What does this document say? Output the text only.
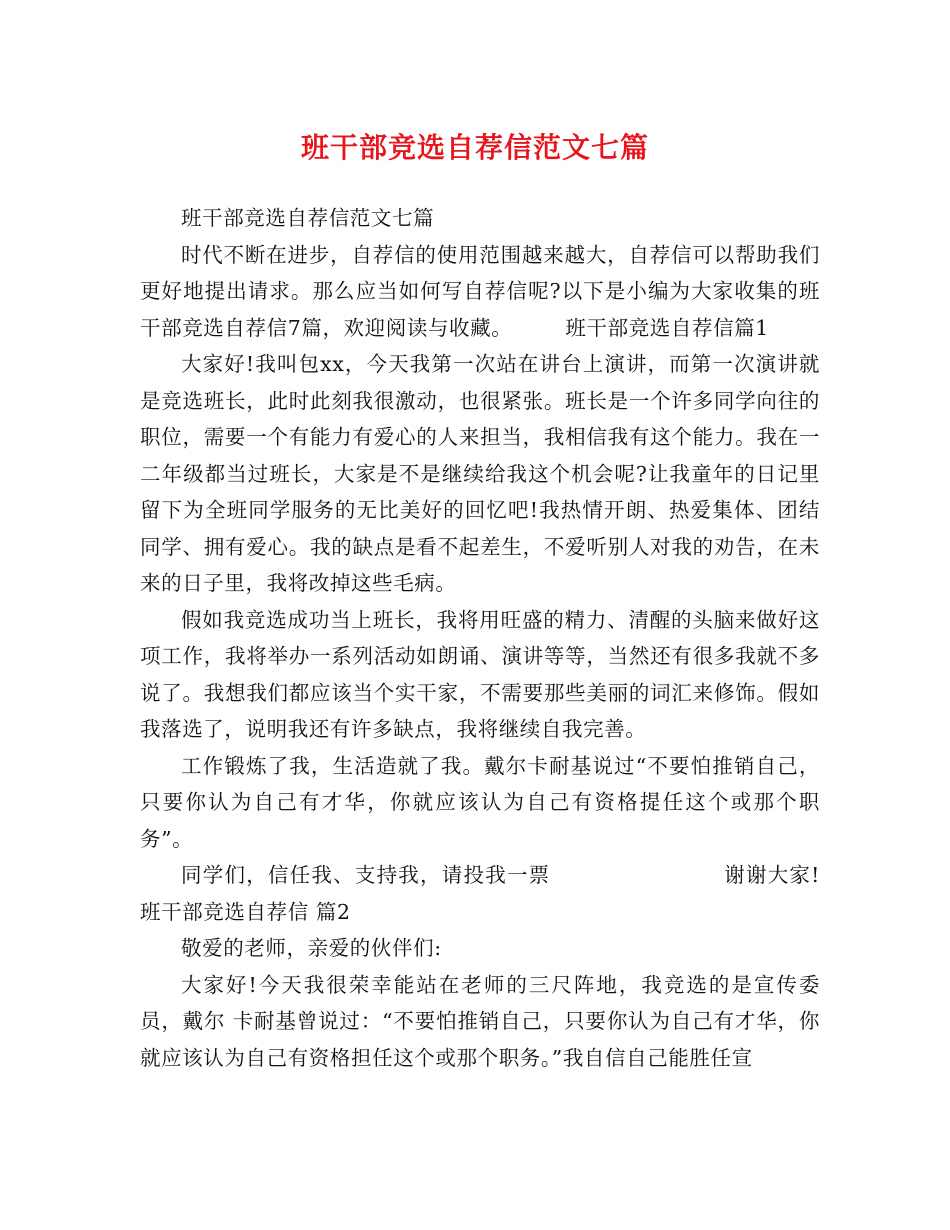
班干部竞选自荐信范文七篇

班干部竞选自荐信范文七篇

时代不断在进步，自荐信的使用范围越来越大，自荐信可以帮助我们更好地提出请求。那么应当如何写自荐信呢?以下是小编为大家收集的班干部竞选自荐信7篇，欢迎阅读与收藏。　　　班干部竞选自荐信篇1

大家好!我叫包xx，今天我第一次站在讲台上演讲，而第一次演讲就是竞选班长，此时此刻我很激动，也很紧张。班长是一个许多同学向往的职位，需要一个有能力有爱心的人来担当，我相信我有这个能力。我在一二年级都当过班长，大家是不是继续给我这个机会呢?让我童年的日记里留下为全班同学服务的无比美好的回忆吧!我热情开朗、热爱集体、团结同学、拥有爱心。我的缺点是看不起差生，不爱听别人对我的劝告，在未来的日子里，我将改掉这些毛病。

假如我竞选成功当上班长，我将用旺盛的精力、清醒的头脑来做好这项工作，我将举办一系列活动如朗诵、演讲等等，当然还有很多我就不多说了。我想我们都应该当个实干家，不需要那些美丽的词汇来修饰。假如我落选了，说明我还有许多缺点，我将继续自我完善。

工作锻炼了我，生活造就了我。戴尔卡耐基说过“不要怕推销自己，只要你认为自己有才华，你就应该认为自己有资格提任这个或那个职务”。

同学们，信任我、支持我，请投我一票　　　　　　　　谢谢大家!班干部竞选自荐信 篇2

敬爱的老师，亲爱的伙伴们:

大家好!今天我很荣幸能站在老师的三尺阵地，我竞选的是宣传委员，戴尔 卡耐基曾说过：“不要怕推销自己，只要你认为自己有才华，你就应该认为自己有资格担任这个或那个职务。”我自信自己能胜任宣
